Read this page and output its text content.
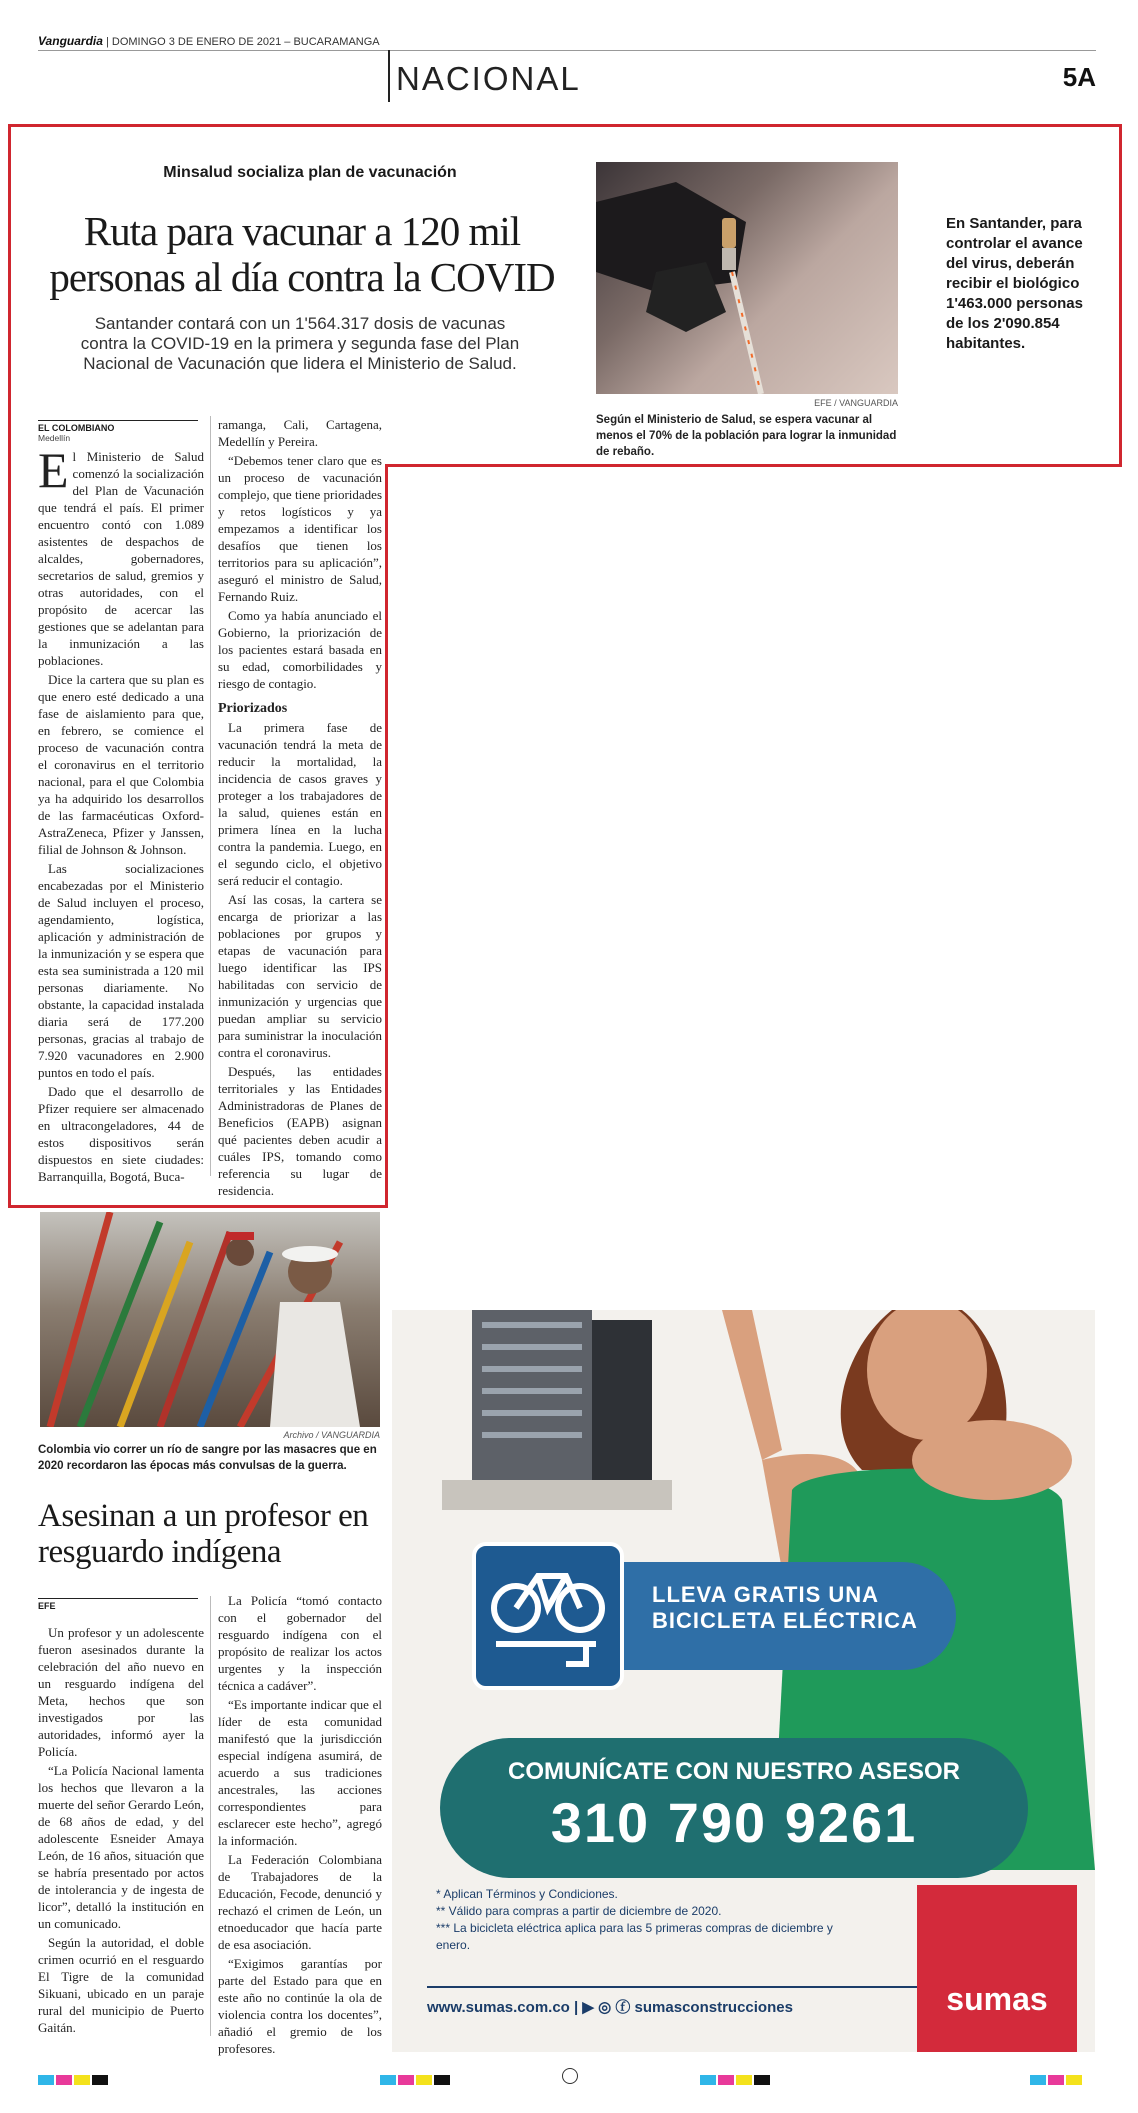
Vanguardia | DOMINGO 3 DE ENERO DE 2021 – BUCARAMANGA
NACIONAL	5A
Minsalud socializa plan de vacunación
Ruta para vacunar a 120 mil personas al día contra la COVID
Santander contará con un 1'564.317 dosis de vacunas contra la COVID-19 en la primera y segunda fase del Plan Nacional de Vacunación que lidera el Ministerio de Salud.
EFE / VANGUARDIA
Según el Ministerio de Salud, se espera vacunar al menos el 70% de la población para lograr la inmunidad de rebaño.
En Santander, para controlar el avance del virus, deberán recibir el biológico 1'463.000 personas de los 2'090.854 habitantes.
EL COLOMBIANO
Medellín

El Ministerio de Salud comenzó la socialización del Plan de Vacunación que tendrá el país. El primer encuentro contó con 1.089 asistentes de despachos de alcaldes, gobernadores, secretarios de salud, gremios y otras autoridades, con el propósito de acercar las gestiones que se adelantan para la inmunización a las poblaciones.

Dice la cartera que su plan es que enero esté dedicado a una fase de aislamiento para que, en febrero, se comience el proceso de vacunación contra el coronavirus en el territorio nacional, para el que Colombia ya ha adquirido los desarrollos de las farmacéuticas Oxford-AstraZeneca, Pfizer y Janssen, filial de Johnson & Johnson.

Las socializaciones encabezadas por el Ministerio de Salud incluyen el proceso, agendamiento, logística, aplicación y administración de la inmunización y se espera que esta sea suministrada a 120 mil personas diariamente. No obstante, la capacidad instalada diaria será de 177.200 personas, gracias al trabajo de 7.920 vacunadores en 2.900 puntos en todo el país.

Dado que el desarrollo de Pfizer requiere ser almacenado en ultracongeladores, 44 de estos dispositivos serán dispuestos en siete ciudades: Barranquilla, Bogotá, Buca-

ramanga, Cali, Cartagena, Medellín y Pereira.

“Debemos tener claro que es un proceso de vacunación complejo, que tiene prioridades y retos logísticos y ya empezamos a identificar los desafíos que tienen los territorios para su aplicación”, aseguró el ministro de Salud, Fernando Ruiz.

Como ya había anunciado el Gobierno, la priorización de los pacientes estará basada en su edad, comorbilidades y riesgo de contagio.

Priorizados

La primera fase de vacunación tendrá la meta de reducir la mortalidad, la incidencia de casos graves y proteger a los trabajadores de la salud, quienes están en primera línea en la lucha contra la pandemia. Luego, en el segundo ciclo, el objetivo será reducir el contagio.

Así las cosas, la cartera se encarga de priorizar a las poblaciones por grupos y etapas de vacunación para luego identificar las IPS habilitadas con servicio de inmunización y urgencias que puedan ampliar su servicio para suministrar la inoculación contra el coronavirus.

Después, las entidades territoriales y las Entidades Administradoras de Planes de Beneficios (EAPB) asignan qué pacientes deben acudir a cuáles IPS, tomando como referencia su lugar de residencia.

Archivo / VANGUARDIA
Colombia vio correr un río de sangre por las masacres que en 2020 recordaron las épocas más convulsas de la guerra.
Asesinan a un profesor en resguardo indígena
EFE

Un profesor y un adolescente fueron asesinados durante la celebración del año nuevo en un resguardo indígena del Meta, hechos que son investigados por las autoridades, informó ayer la Policía.

“La Policía Nacional lamenta los hechos que llevaron a la muerte del señor Gerardo León, de 68 años de edad, y del adolescente Esneider Amaya León, de 16 años, situación que se habría presentado por actos de intolerancia y de ingesta de licor”, detalló la institución en un comunicado.

Según la autoridad, el doble crimen ocurrió en el resguardo El Tigre de la comunidad Sikuani, ubicado en un paraje rural del municipio de Puerto Gaitán.

La Policía “tomó contacto con el gobernador del resguardo indígena con el propósito de realizar los actos urgentes y la inspección técnica a cadáver”.

“Es importante indicar que el líder de esta comunidad manifestó que la jurisdicción especial indígena asumirá, de acuerdo a sus tradiciones ancestrales, las acciones correspondientes para esclarecer este hecho”, agregó la información.

La Federación Colombiana de Trabajadores de la Educación, Fecode, denunció y rechazó el crimen de León, un etnoeducador que hacía parte de esa asociación.

“Exigimos garantías por parte del Estado para que en este año no continúe la ola de violencia contra los docentes”, añadió el gremio de los profesores.

LLEVA GRATIS UNA BICICLETA ELÉCTRICA
COMUNÍCATE CON NUESTRO ASESOR
310 790 9261
* Aplican Términos y Condiciones.
** Válido para compras a partir de diciembre de 2020.
*** La bicicleta eléctrica aplica para las 5 primeras compras de diciembre y enero.
sumas
www.sumas.com.co | ▶ ◎ ⓕ sumasconstrucciones
